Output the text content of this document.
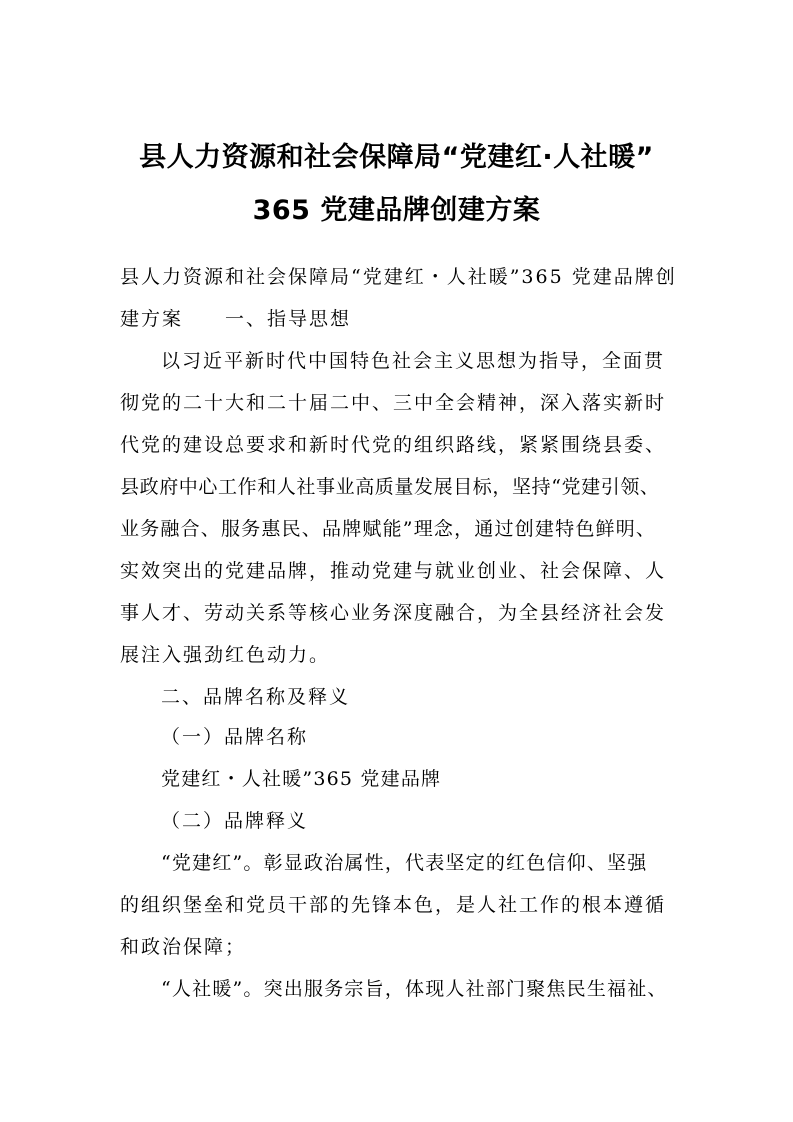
县人力资源和社会保障局“党建红·人社暖”
365 党建品牌创建方案
县人力资源和社会保障局“党建红・人社暖”365 党建品牌创
建方案　　一、指导思想
以习近平新时代中国特色社会主义思想为指导，全面贯
彻党的二十大和二十届二中、三中全会精神，深入落实新时
代党的建设总要求和新时代党的组织路线，紧紧围绕县委、
县政府中心工作和人社事业高质量发展目标，坚持“党建引领、
业务融合、服务惠民、品牌赋能”理念，通过创建特色鲜明、
实效突出的党建品牌，推动党建与就业创业、社会保障、人
事人才、劳动关系等核心业务深度融合，为全县经济社会发
展注入强劲红色动力。
二、品牌名称及释义
（一）品牌名称
党建红・人社暖”365 党建品牌
（二）品牌释义
“党建红”。彰显政治属性，代表坚定的红色信仰、坚强
的组织堡垒和党员干部的先锋本色，是人社工作的根本遵循
和政治保障；
“人社暖”。突出服务宗旨，体现人社部门聚焦民生福祉、
